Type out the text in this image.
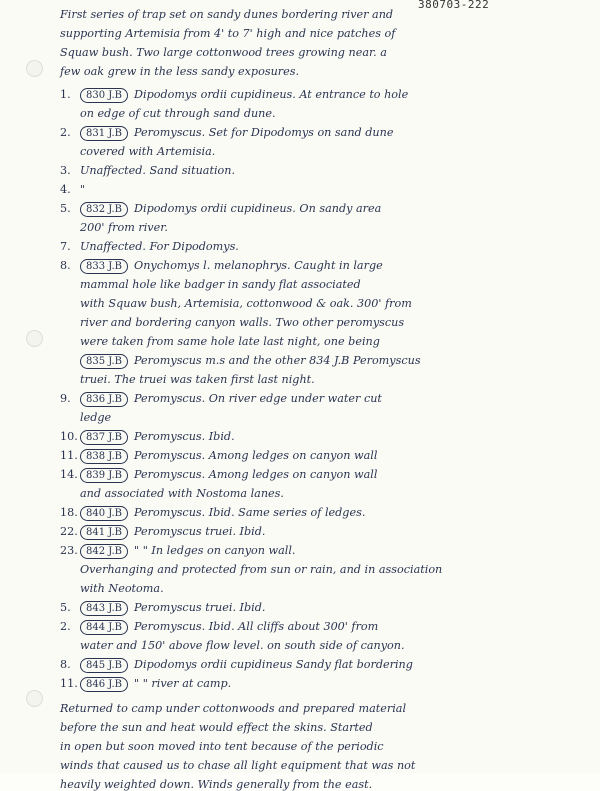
380703-222
First series of trap set on sandy dunes bordering river and
supporting Artemisia from 4' to 7' high and nice patches of
Squaw bush. Two large cottonwood trees growing near. a
few oak grew in the less sandy exposures.
1. 830 J.B Dipodomys ordii cupidineus. At entrance to hole
on edge of cut through sand dune.
2. 831 J.B Peromyscus. Set for Dipodomys on sand dune
covered with Artemisia.
3. Unaffected. Sand situation.
4. "
5. 832 J.B Dipodomys ordii cupidineus. On sandy area
200' from river.
7. Unaffected. For Dipodomys.
8. 833 J.B Onychomys l. melanophrys. Caught in large
mammal hole like badger in sandy flat associated
with Squaw bush, Artemisia, cottonwood & oak. 300' from
river and bordering canyon walls. Two other peromyscus
were taken from same hole late last night, one being
835 J.B Peromyscus m.s and the other 834 J.B Peromyscus
truei. The truei was taken first last night.
9. 836 J.B Peromyscus. On river edge under water cut
ledge
10. 837 J.B Peromyscus. Ibid.
11. 838 J.B Peromyscus. Among ledges on canyon wall
14. 839 J.B Peromyscus. Among ledges on canyon wall
and associated with Nostoma lanes.
18. 840 J.B Peromyscus. Ibid. Same series of ledges.
22. 841 J.B Peromyscus truei. Ibid.
23. 842 J.B " " In ledges on canyon wall.
Overhanging and protected from sun or rain, and in association
with Neotoma.
5. 843 J.B Peromyscus truei. Ibid.
2. 844 J.B Peromyscus. Ibid. All cliffs about 300' from
water and 150' above flow level. on south side of canyon.
8. 845 J.B Dipodomys ordii cupidineus Sandy flat bordering
11. 846 J.B " " river at camp.
Returned to camp under cottonwoods and prepared material
before the sun and heat would effect the skins. Started
in open but soon moved into tent because of the periodic
winds that caused us to chase all light equipment that was not
heavily weighted down. Winds generally from the east.
